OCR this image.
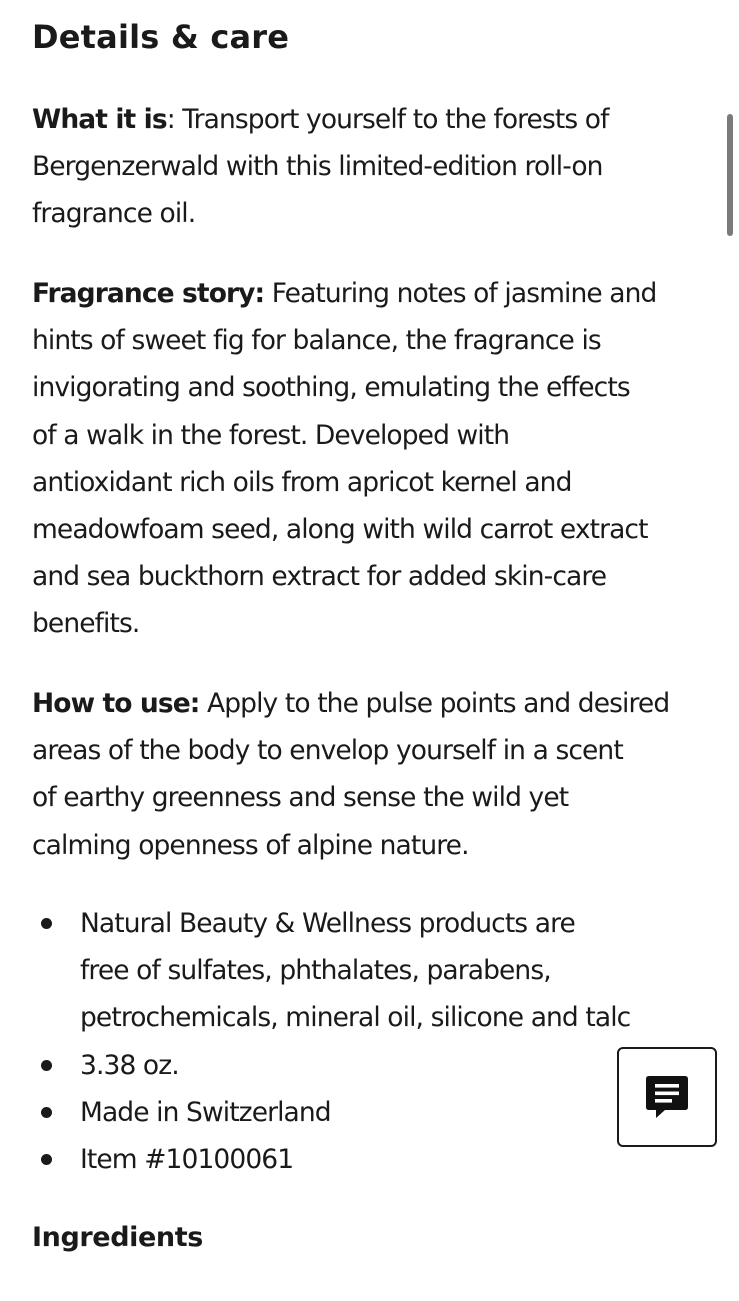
Details & care

What it is: Transport yourself to the forests of
Bergenzerwald with this limited-edition roll-on
fragrance oil.

Fragrance story: Featuring notes of jasmine and
hints of sweet fig for balance, the fragrance is
invigorating and soothing, emulating the effects
of a walk in the forest. Developed with
antioxidant rich oils from apricot kernel and
meadowfoam seed, along with wild carrot extract
and sea buckthorn extract for added skin-care
benefits.

How to use: Apply to the pulse points and desired
areas of the body to envelop yourself in a scent
of earthy greenness and sense the wild yet
calming openness of alpine nature.

Natural Beauty & Wellness products are
free of sulfates, phthalates, parabens,
petrochemicals, mineral oil, silicone and talc
3.38 oz.
Made in Switzerland
Item #10100061
Ingredients
